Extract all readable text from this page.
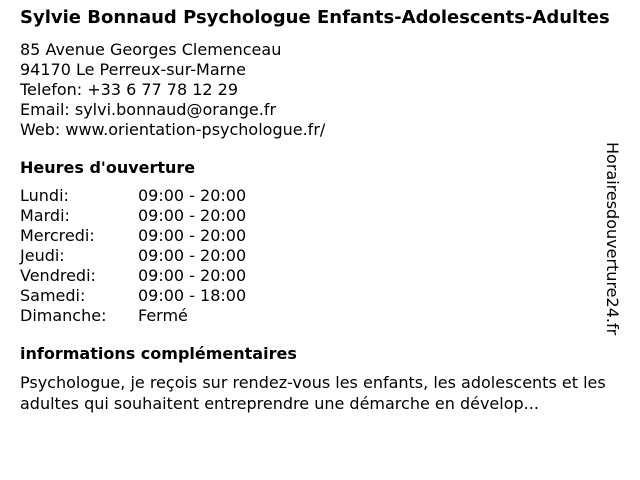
Sylvie Bonnaud Psychologue Enfants-Adolescents-Adultes
85 Avenue Georges Clemenceau
94170 Le Perreux-sur-Marne
Telefon: +33 6 77 78 12 29
Email: sylvi.bonnaud@orange.fr
Web: www.orientation-psychologue.fr/
Heures d'ouverture
Lundi:	09:00 - 20:00
Mardi:	09:00 - 20:00
Mercredi:	09:00 - 20:00
Jeudi:	09:00 - 20:00
Vendredi:	09:00 - 20:00
Samedi:	09:00 - 18:00
Dimanche:	Fermé
informations complémentaires

Psychologue, je reçois sur rendez-vous les enfants, les adolescents et les adultes qui souhaitent entreprendre une démarche en dévelop...

Horairesdouverture24.fr
